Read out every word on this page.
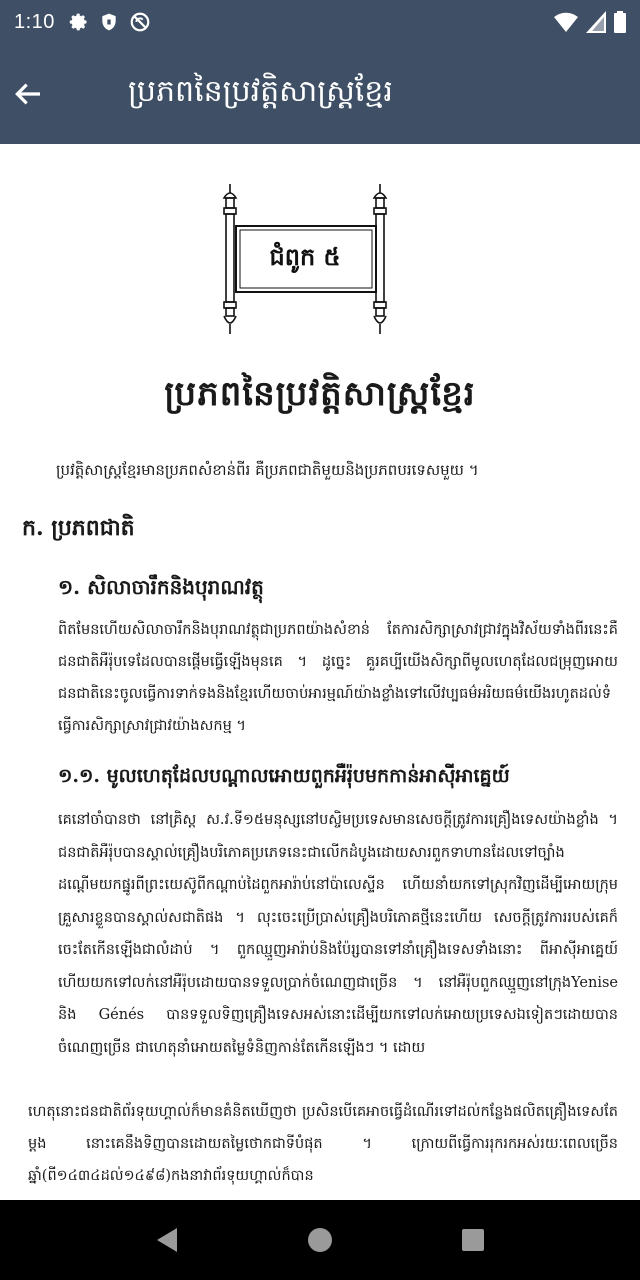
1:10
ប្រភពនៃប្រវត្តិសាស្ត្រខ្មែរ
ជំពូក ៥
ប្រភពនៃប្រវត្តិសាស្ត្រខ្មែរ
ប្រវត្តិសាស្ត្រខ្មែរមានប្រភពសំខាន់ពីរ គឺប្រភពជាតិមួយនិងប្រភពបរទេសមួយ ។
ក. ប្រភពជាតិ
១. សិលាចារឹកនិងបុរាណវត្ថុ
ពិតមែនហើយសិលាចារឹកនិងបុរាណវត្ថុជាប្រភពយ៉ាងសំខាន់ តែការសិក្សាស្រាវជ្រាវក្នុងវិស័យទាំងពីរនេះគឺជនជាតិអឺរ៉ុបទេដែលបានផ្ដើមធ្វើឡើងមុនគេ ។ ដូច្នេះ គួរគប្បីយើងសិក្សាពីមូលហេតុដែលជម្រុញអោយជនជាតិនេះចូលធ្វើការទាក់ទងនិងខ្មែរហើយចាប់អារម្មណ៍យ៉ាងខ្លាំងទៅលើវប្បធម៌អរិយធម៌យើងរហូតដល់ទំធ្វើការសិក្សាស្រាវជ្រាវយ៉ាងសកម្ម ។
១.១. មូលហេតុដែលបណ្ដាលអោយពួកអឺរ៉ុបមកកាន់អាស៊ីអាគ្នេយ៍
គេនៅចាំបានថា នៅគ្រិស្ត ស.វ.ទី១៥មនុស្សនៅបស្ចិមប្រទេសមានសេចក្ដីត្រូវការគ្រឿងទេសយ៉ាងខ្លាំង ។ ជនជាតិអឺរ៉ុបបានស្គាល់គ្រឿងបរិភោគប្រភេទនេះជាលើកដំបូងដោយសារពួកទាហានដែលទៅច្បាំងដណ្ដើមយកផ្នូរពីព្រះយេស៊ូពីកណ្ដាប់ដៃពួកអារ៉ាប់នៅប៉ាលេស្ទីន ហើយនាំយកទៅស្រុកវិញដើម្បីអោយក្រុមគ្រួសារខ្លួនបានស្គាល់សជាតិផង ។ លុះចេះប្រើប្រាស់គ្រឿងបរិភោគថ្មីនេះហើយ សេចក្ដីត្រូវការរបស់គេក៏ចេះតែកើនឡើងជាលំដាប់ ។ ពួកឈ្មួញអារ៉ាប់និងប៉ែរ្សបានទៅនាំគ្រឿងទេសទាំងនោះ ពីអាស៊ីអាគ្នេយ៍ហើយយកទៅលក់នៅអឺរ៉ុបដោយបានទទួលប្រាក់ចំណេញជាច្រើន ។ នៅអឺរ៉ុបពួកឈ្មួញនៅក្រុងYenise និង Génés បានទទួលទិញគ្រឿងទេសអស់នោះដើម្បីយកទៅលក់អោយប្រទេសឯទៀតៗដោយបានចំណេញច្រើន ជាហេតុនាំអោយតម្លៃទំនិញកាន់តែកើនឡើងៗ ។ ដោយ
ហេតុនោះជនជាតិព័រទុយហ្គាល់ក៏មានគំនិតឃើញថា ប្រសិនបើគេអាចធ្វើដំណើរទៅដល់កន្លែងផលិតគ្រឿងទេសតែម្ដង នោះគេនឹងទិញបានដោយតម្លៃថោកជាទីបំផុត ។ ក្រោយពីធ្វើការរុករកអស់រយៈពេលច្រើនឆ្នាំ(ពី១៤៣៤ដល់១៤៩៨)កងនាវាព័រទុយហ្គាល់ក៏បាន
